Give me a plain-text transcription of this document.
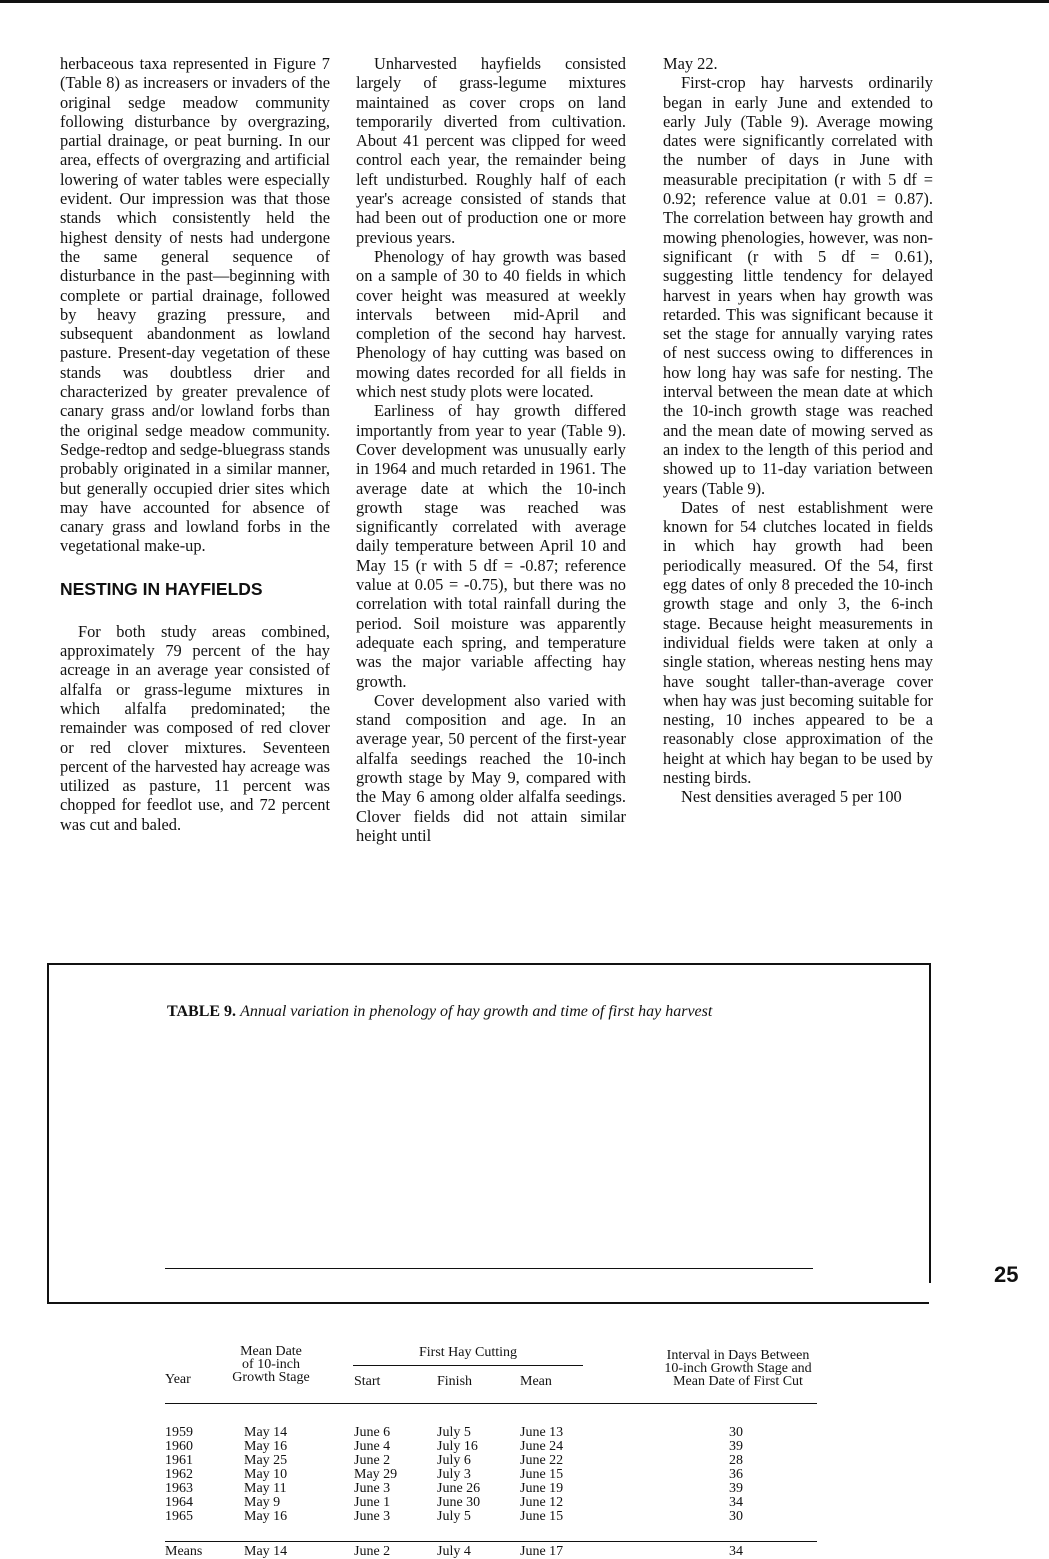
herbaceous taxa represented in Figure 7 (Table 8) as increasers or invaders of the original sedge meadow community following disturbance by overgrazing, partial drainage, or peat burning. In our area, effects of overgrazing and artificial lowering of water tables were especially evident. Our impression was that those stands which consistently held the highest density of nests had undergone the same general sequence of disturbance in the past—beginning with complete or partial drainage, followed by heavy grazing pressure, and subsequent abandonment as lowland pasture. Present-day vegetation of these stands was doubtless drier and characterized by greater prevalence of canary grass and/or lowland forbs than the original sedge meadow community. Sedge-redtop and sedge-bluegrass stands probably originated in a similar manner, but generally occupied drier sites which may have accounted for absence of canary grass and lowland forbs in the vegetational make-up.

NESTING IN HAYFIELDS

For both study areas combined, approximately 79 percent of the hay acreage in an average year consisted of alfalfa or grass-legume mixtures in which alfalfa predominated; the remainder was composed of red clover or red clover mixtures. Seventeen percent of the harvested hay acreage was utilized as pasture, 11 percent was chopped for feedlot use, and 72 percent was cut and baled.

Unharvested hayfields consisted largely of grass-legume mixtures maintained as cover crops on land temporarily diverted from cultivation. About 41 percent was clipped for weed control each year, the remainder being left undisturbed. Roughly half of each year's acreage consisted of stands that had been out of production one or more previous years.

Phenology of hay growth was based on a sample of 30 to 40 fields in which cover height was measured at weekly intervals between mid-April and completion of the second hay harvest. Phenology of hay cutting was based on mowing dates recorded for all fields in which nest study plots were located.

Earliness of hay growth differed importantly from year to year (Table 9). Cover development was unusually early in 1964 and much retarded in 1961. The average date at which the 10-inch growth stage was reached was significantly correlated with average daily temperature between April 10 and May 15 (r with 5 df = -0.87; reference value at 0.05 = -0.75), but there was no correlation with total rainfall during the period. Soil moisture was apparently adequate each spring, and temperature was the major variable affecting hay growth.

Cover development also varied with stand composition and age. In an average year, 50 percent of the first-year alfalfa seedings reached the 10-inch growth stage by May 9, compared with the May 6 among older alfalfa seedings. Clover fields did not attain similar height until

May 22.

First-crop hay harvests ordinarily began in early June and extended to early July (Table 9). Average mowing dates were significantly correlated with the number of days in June with measurable precipitation (r with 5 df = 0.92; reference value at 0.01 = 0.87). The correlation between hay growth and mowing phenologies, however, was non-significant (r with 5 df = 0.61), suggesting little tendency for delayed harvest in years when hay growth was retarded. This was significant because it set the stage for annually varying rates of nest success owing to differences in how long hay was safe for nesting. The interval between the mean date at which the 10-inch growth stage was reached and the mean date of mowing served as an index to the length of this period and showed up to 11-day variation between years (Table 9).

Dates of nest establishment were known for 54 clutches located in fields in which hay growth had been periodically measured. Of the 54, first egg dates of only 8 preceded the 10-inch growth stage and only 3, the 6-inch stage. Because height measurements in individual fields were taken at only a single station, whereas nesting hens may have sought taller-than-average cover when hay was just becoming suitable for nesting, 10 inches appeared to be a reasonably close approximation of the height at which hay began to be used by nesting birds.

Nest densities averaged 5 per 100

TABLE 9. Annual variation in phenology of hay growth and time of first hay harvest
Year
Mean Date
of 10-inch
Growth Stage
First Hay Cutting
Start	Finish	Mean
Interval in Days Between
10-inch Growth Stage and
Mean Date of First Cut
1959	May 14	June 6	July 5	June 13	30
1960	May 16	June 4	July 16	June 24	39
1961	May 25	June 2	July 6	June 22	28
1962	May 10	May 29	July 3	June 15	36
1963	May 11	June 3	June 26	June 19	39
1964	May 9	June 1	June 30	June 12	34
1965	May 16	June 3	July 5	June 15	30
Means	May 14	June 2	July 4	June 17	34
25
